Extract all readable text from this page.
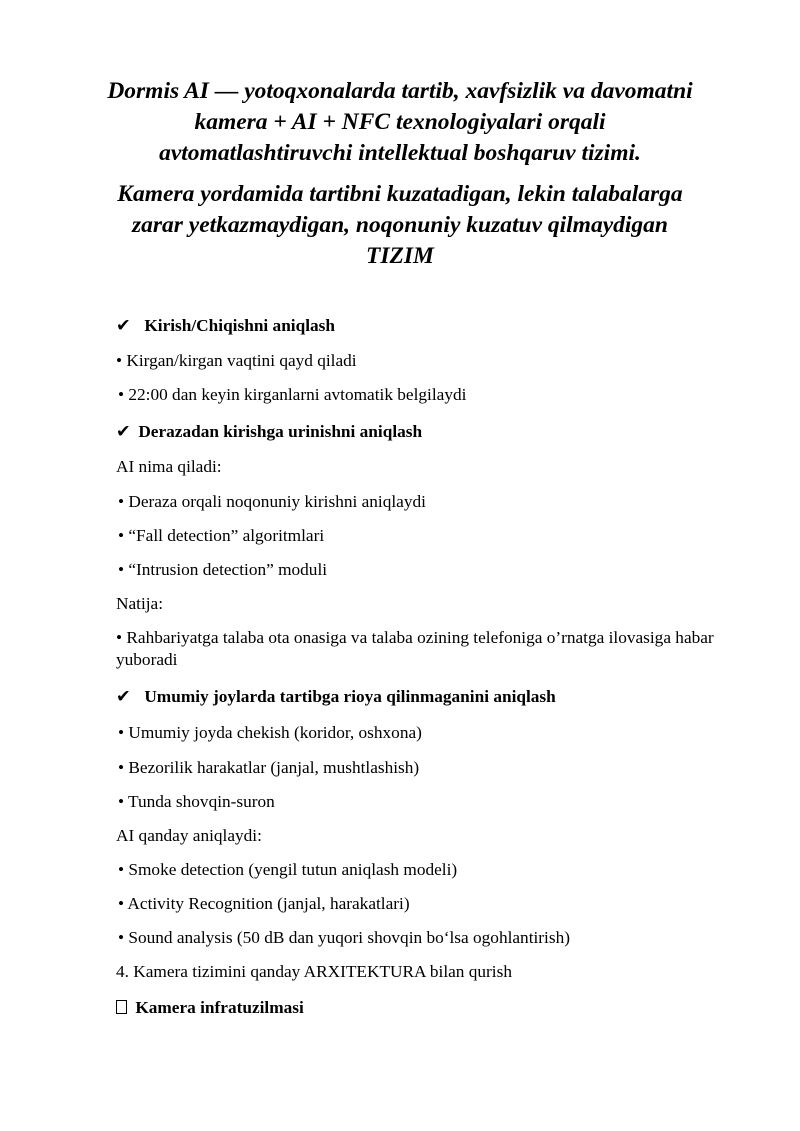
Dormis AI — yotoqxonalarda tartib, xavfsizlik va davomatni kamera + AI + NFC texnologiyalari orqali avtomatlashtiruvchi intellektual boshqaruv tizimi.

Kamera yordamida tartibni kuzatadigan, lekin talabalarga zarar yetkazmaydigan, noqonuniy kuzatuv qilmaydigan TIZIM

✔ Kirish/Chiqishni aniqlash
• Kirgan/kirgan vaqtini qayd qiladi
• 22:00 dan keyin kirganlarni avtomatik belgilaydi
✔ Derazadan kirishga urinishni aniqlash
AI nima qiladi:
• Deraza orqali noqonuniy kirishni aniqlaydi
• “Fall detection” algoritmlari
• “Intrusion detection” moduli
Natija:
• Rahbariyatga talaba ota onasiga va talaba ozining telefoniga o’rnatga ilovasiga habar yuboradi
✔ Umumiy joylarda tartibga rioya qilinmaganini aniqlash
• Umumiy joyda chekish (koridor, oshxona)
• Bezorilik harakatlar (janjal, mushtlashish)
• Tunda shovqin-suron
AI qanday aniqlaydi:
• Smoke detection (yengil tutun aniqlash modeli)
• Activity Recognition (janjal, harakatlari)
• Sound analysis (50 dB dan yuqori shovqin bo‘lsa ogohlantirish)
4. Kamera tizimini qanday ARXITEKTURA bilan qurish
Kamera infratuzilmasi
